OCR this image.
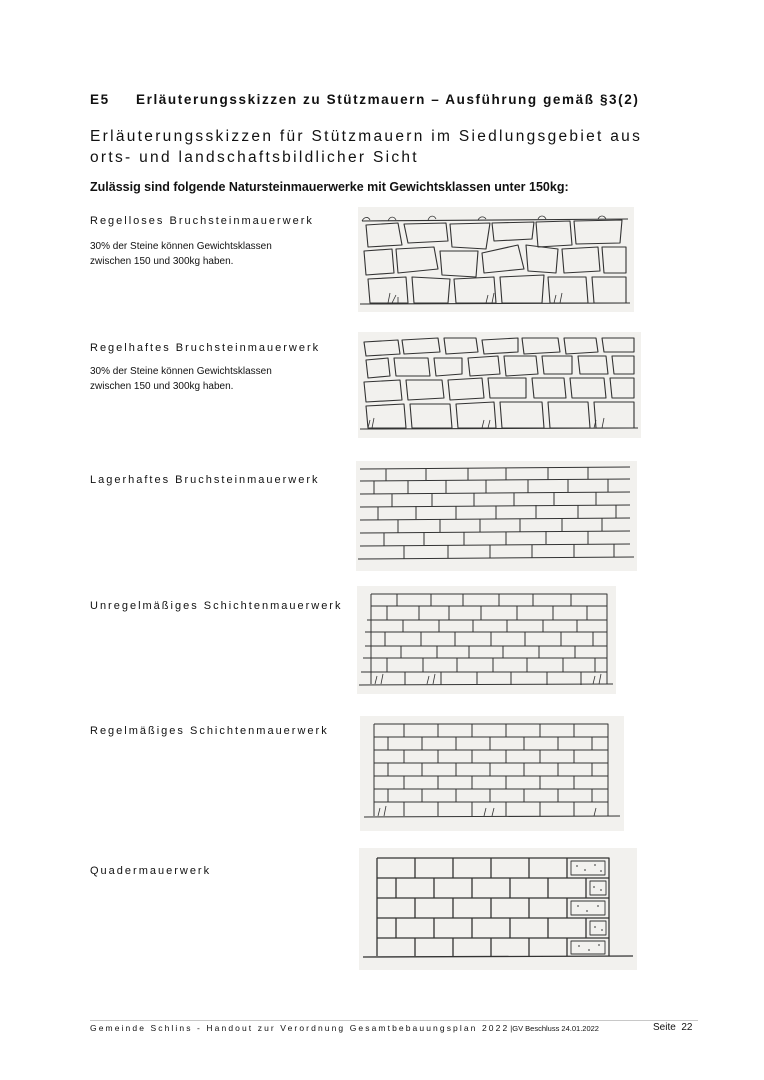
E5 Erläuterungsskizzen zu Stützmauern – Ausführung gemäß §3(2)
Erläuterungsskizzen für Stützmauern im Siedlungsgebiet aus
orts- und landschaftsbildlicher Sicht
Zulässig sind folgende Natursteinmauerwerke mit Gewichtsklassen unter 150kg:
Regelloses Bruchsteinmauerwerk
30% der Steine können Gewichtsklassen
zwischen 150 und 300kg haben.
Regelhaftes Bruchsteinmauerwerk
30% der Steine können Gewichtsklassen
zwischen 150 und 300kg haben.
Lagerhaftes Bruchsteinmauerwerk
Unregelmäßiges Schichtenmauerwerk
Regelmäßiges Schichtenmauerwerk
Quadermauerwerk
Gemeinde Schlins - Handout zur Verordnung Gesamtbebauungsplan 2022|GV Beschluss 24.01.2022	Seite 22
